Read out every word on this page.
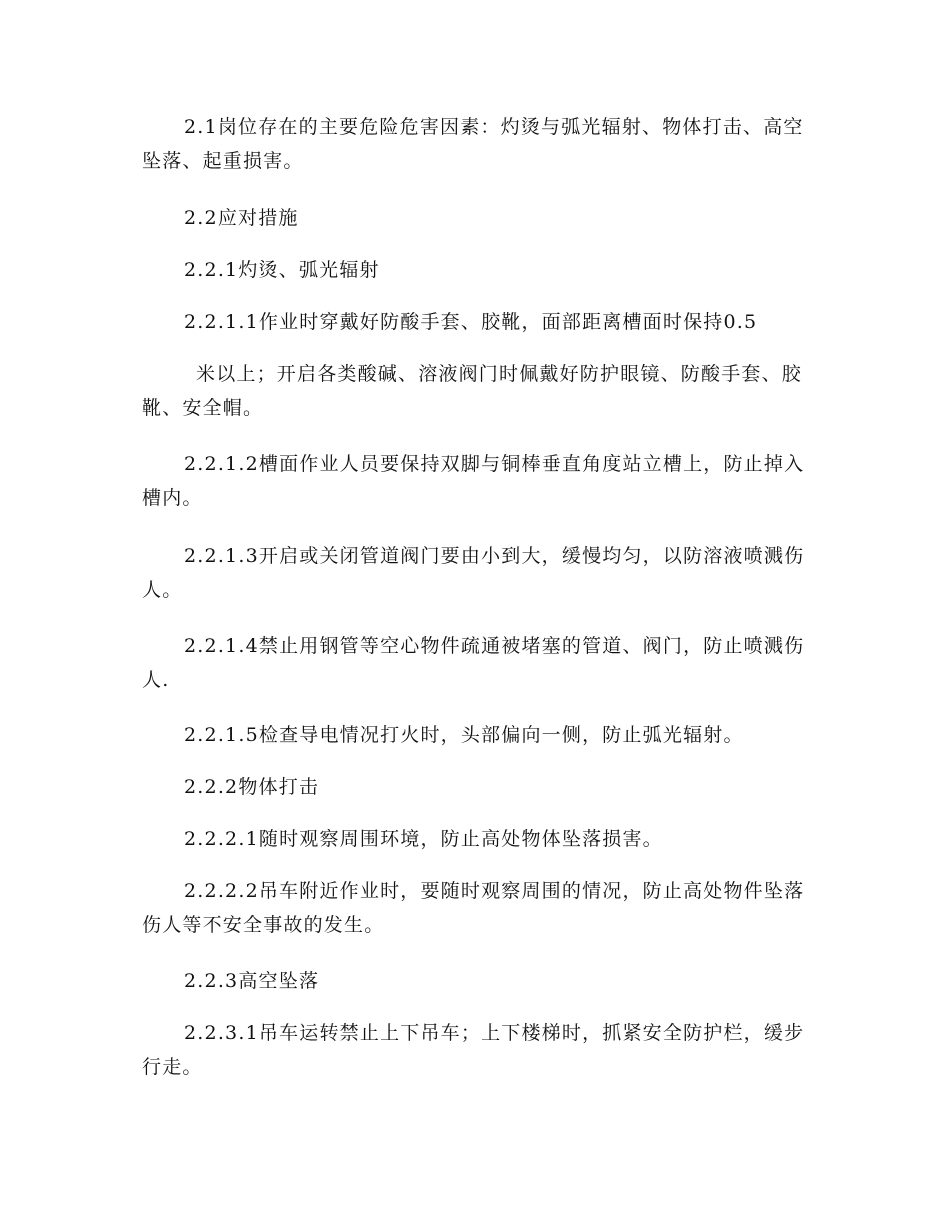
2.1岗位存在的主要危险危害因素：灼烫与弧光辐射、物体打击、高空坠落、起重损害。

2.2应对措施

2.2.1灼烫、弧光辐射

2.2.1.1作业时穿戴好防酸手套、胶靴，面部距离槽面时保持0.5

米以上；开启各类酸碱、溶液阀门时佩戴好防护眼镜、防酸手套、胶靴、安全帽。

2.2.1.2槽面作业人员要保持双脚与铜棒垂直角度站立槽上，防止掉入槽内。

2.2.1.3开启或关闭管道阀门要由小到大，缓慢均匀，以防溶液喷溅伤人。

2.2.1.4禁止用钢管等空心物件疏通被堵塞的管道、阀门，防止喷溅伤人.

2.2.1.5检查导电情况打火时，头部偏向一侧，防止弧光辐射。

2.2.2物体打击

2.2.2.1随时观察周围环境，防止高处物体坠落损害。

2.2.2.2吊车附近作业时，要随时观察周围的情况，防止高处物件坠落伤人等不安全事故的发生。

2.2.3高空坠落

2.2.3.1吊车运转禁止上下吊车；上下楼梯时，抓紧安全防护栏，缓步行走。
